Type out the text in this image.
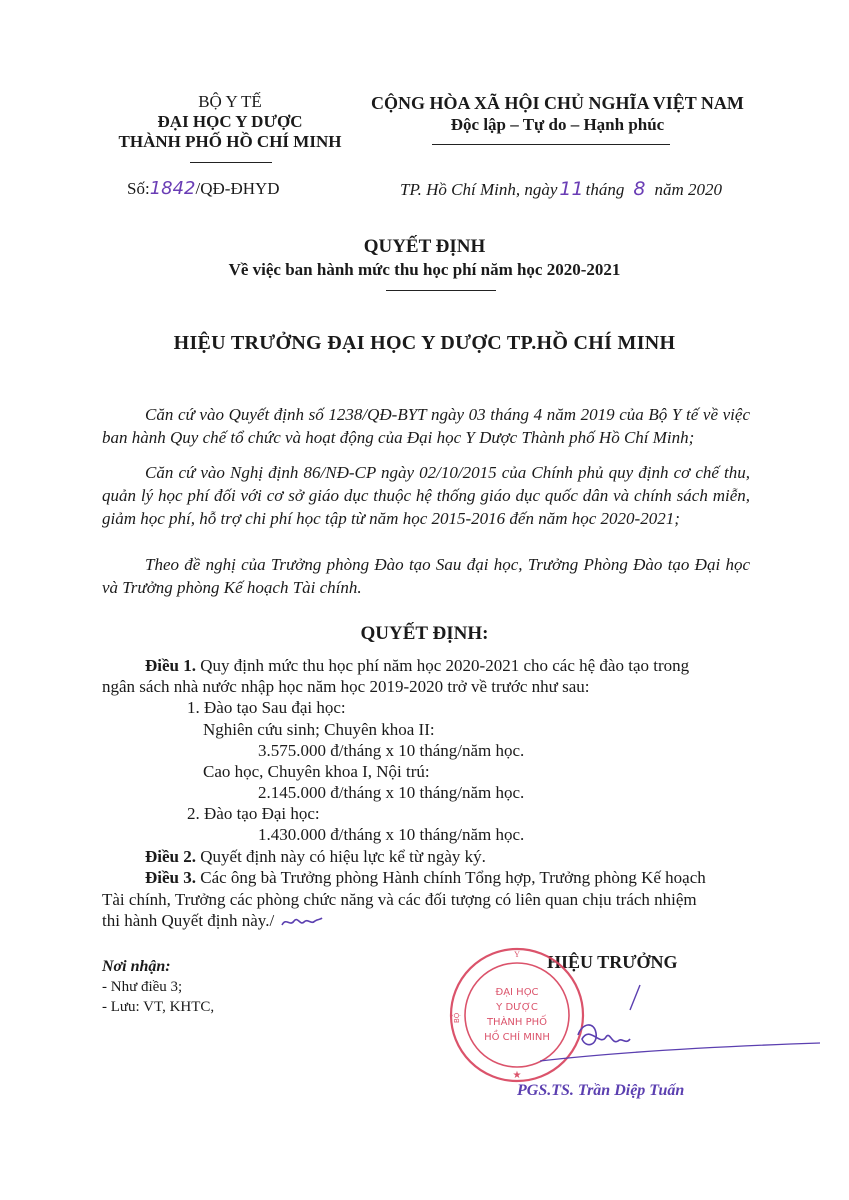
BỘ Y TẾ
ĐẠI HỌC Y DƯỢC
THÀNH PHỐ HỒ CHÍ MINH
CỘNG HÒA XÃ HỘI CHỦ NGHĨA VIỆT NAM
Độc lập – Tự do – Hạnh phúc
Số:1842/QĐ-ĐHYD	TP. Hồ Chí Minh, ngày 11 tháng 8 năm 2020
QUYẾT ĐỊNH
Về việc ban hành mức thu học phí năm học 2020-2021
HIỆU TRƯỞNG ĐẠI HỌC Y DƯỢC TP.HỒ CHÍ MINH
Căn cứ vào Quyết định số 1238/QĐ-BYT ngày 03 tháng 4 năm 2019 của Bộ Y tế về việc ban hành Quy chế tổ chức và hoạt động của Đại học Y Dược Thành phố Hồ Chí Minh;
Căn cứ vào Nghị định 86/NĐ-CP ngày 02/10/2015 của Chính phủ quy định cơ chế thu, quản lý học phí đối với cơ sở giáo dục thuộc hệ thống giáo dục quốc dân và chính sách miễn, giảm học phí, hỗ trợ chi phí học tập từ năm học 2015-2016 đến năm học 2020-2021;
Theo đề nghị của Trưởng phòng Đào tạo Sau đại học, Trưởng Phòng Đào tạo Đại học và Trưởng phòng Kế hoạch Tài chính.
QUYẾT ĐỊNH:
Điều 1. Quy định mức thu học phí năm học 2020-2021 cho các hệ đào tạo trong
ngân sách nhà nước nhập học năm học 2019-2020 trở về trước như sau:
1. Đào tạo Sau đại học:
Nghiên cứu sinh; Chuyên khoa II:
3.575.000 đ/tháng x 10 tháng/năm học.
Cao học, Chuyên khoa I, Nội trú:
2.145.000 đ/tháng x 10 tháng/năm học.
2. Đào tạo Đại học:
1.430.000 đ/tháng x 10 tháng/năm học.
Điều 2. Quyết định này có hiệu lực kể từ ngày ký.
Điều 3. Các ông bà Trưởng phòng Hành chính Tổng hợp, Trưởng phòng Kế hoạch
Tài chính, Trưởng các phòng chức năng và các đối tượng có liên quan chịu trách nhiệm
thi hành Quyết định này./
Nơi nhận:
- Như điều 3;
- Lưu: VT, KHTC,
HIỆU TRƯỞNG
ĐẠI HỌC
Y DƯỢC
THÀNH PHỐ
HỒ CHÍ MINH
BỘ
★
Y
PGS.TS. Trần Diệp Tuấn
